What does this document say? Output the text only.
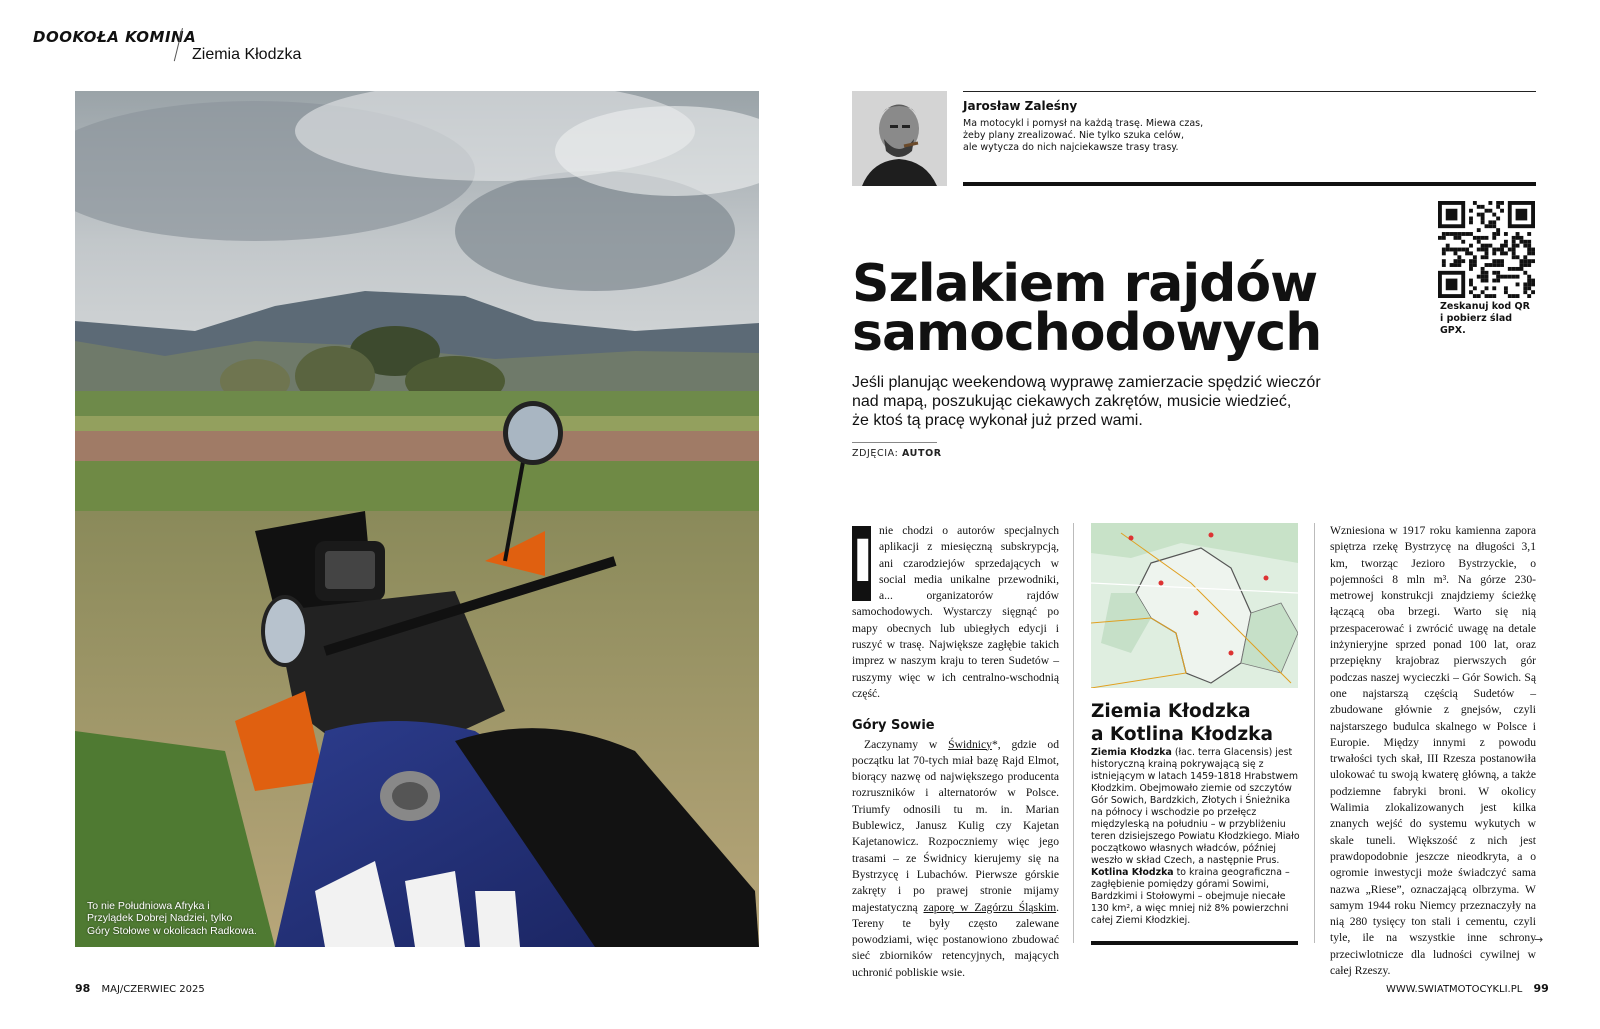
DOOKOŁA KOMINA
Ziemia Kłodzka
To nie Południowa Afryka i Przylądek Dobrej Nadziei, tylko Góry Stołowe w okolicach Radkowa.
98 MAJ/CZERWIEC 2025
Jarosław Zaleśny
Ma motocykl i pomysł na każdą trasę. Miewa czas,
żeby plany zrealizować. Nie tylko szuka celów,
ale wytycza do nich najciekawsze trasy trasy.
Zeskanuj kod QR
i pobierz ślad GPX.
Szlakiem rajdów
samochodowych
Jeśli planując weekendową wyprawę zamierzacie spędzić wieczór
nad mapą, poszukując ciekawych zakrętów, musicie wiedzieć,
że ktoś tą pracę wykonał już przed wami.
ZDJĘCIA: AUTOR
I nie chodzi o autorów specjalnych aplikacji z miesięczną subskrypcją, ani czarodziejów sprzedających w social media unikalne przewodniki, a... organizatorów rajdów samochodowych. Wystarczy sięgnąć po mapy obecnych lub ubiegłych edycji i ruszyć w trasę. Największe zagłębie takich imprez w naszym kraju to teren Sudetów – ruszymy więc w ich centralno-wschodnią część.

Góry Sowie

Zaczynamy w Świdnicy*, gdzie od początku lat 70-tych miał bazę Rajd Elmot, biorący nazwę od największego producenta rozruszników i alternatorów w Polsce. Triumfy odnosili tu m. in. Marian Bublewicz, Janusz Kulig czy Kajetan Kajetanowicz. Rozpoczniemy więc jego trasami – ze Świdnicy kierujemy się na Bystrzycę i Lubachów. Pierwsze górskie zakręty i po prawej stronie mijamy majestatyczną zaporę w Zagórzu Śląskim. Tereny te były często zalewane powodziami, więc postanowiono zbudować sieć zbiorników retencyjnych, mających uchronić pobliskie wsie.

Ziemia Kłodzka
a Kotlina Kłodzka
Ziemia Kłodzka (łac. terra Glacensis) jest historyczną krainą pokrywającą się z istniejącym w latach 1459-1818 Hrabstwem Kłodzkim. Obejmowało ziemie od szczytów Gór Sowich, Bardzkich, Złotych i Śnieżnika na północy i wschodzie po przełęcz międzyleską na południu – w przybliżeniu teren dzisiejszego Powiatu Kłodzkiego. Miało początkowo własnych władców, później weszło w skład Czech, a następnie Prus. Kotlina Kłodzka to kraina geograficzna – zagłębienie pomiędzy górami Sowimi, Bardzkimi i Stołowymi – obejmuje niecałe 130 km², a więc mniej niż 8% powierzchni całej Ziemi Kłodzkiej.

Wzniesiona w 1917 roku kamienna zapora spiętrza rzekę Bystrzycę na długości 3,1 km, tworząc Jezioro Bystrzyckie, o pojemności 8 mln m³. Na górze 230-metrowej konstrukcji znajdziemy ścieżkę łączącą oba brzegi. Warto się nią przespacerować i zwrócić uwagę na detale inżynieryjne sprzed ponad 100 lat, oraz przepiękny krajobraz pierwszych gór podczas naszej wycieczki – Gór Sowich. Są one najstarszą częścią Sudetów – zbudowane głównie z gnejsów, czyli najstarszego budulca skalnego w Polsce i Europie. Między innymi z powodu trwałości tych skał, III Rzesza postanowiła ulokować tu swoją kwaterę główną, a także podziemne fabryki broni. W okolicy Walimia zlokalizowanych jest kilka znanych wejść do systemu wykutych w skale tuneli. Większość z nich jest prawdopodobnie jeszcze nieodkryta, a o ogromie inwestycji może świadczyć sama nazwa „Riese”, oznaczającą olbrzyma. W samym 1944 roku Niemcy przeznaczyły na nią 280 tysięcy ton stali i cementu, czyli tyle, ile na wszystkie inne schrony przeciwlotnicze dla ludności cywilnej w całej Rzeszy.

→
WWW.SWIATMOTOCYKLI.PL 99
